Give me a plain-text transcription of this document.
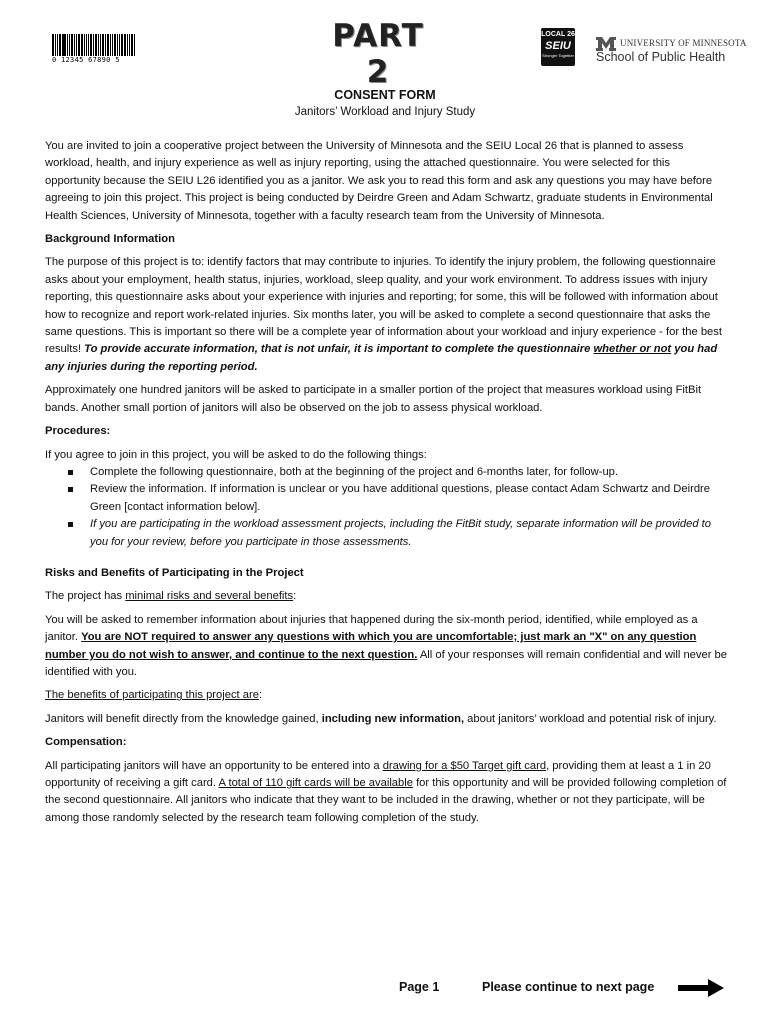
0 12345 67890 5
PART 2
LOCAL 26
SEIU
Stronger Together
UNIVERSITY OF MINNESOTA
School of Public Health
CONSENT FORM
Janitors’ Workload and Injury Study

You are invited to join a cooperative project between the University of Minnesota and the SEIU Local 26 that is planned to assess workload, health, and injury experience as well as injury reporting, using the attached questionnaire. You were selected for this opportunity because the SEIU L26 identified you as a janitor. We ask you to read this form and ask any questions you may have before agreeing to join this project. This project is being conducted by Deirdre Green and Adam Schwartz, graduate students in Environmental Health Sciences, University of Minnesota, together with a faculty research team from the University of Minnesota.

Background Information

The purpose of this project is to: identify factors that may contribute to injuries. To identify the injury problem, the following questionnaire asks about your employment, health status, injuries, workload, sleep quality, and your work environment. To address issues with injury reporting, this questionnaire asks about your experience with injuries and reporting; for some, this will be followed with information about how to recognize and report work-related injuries. Six months later, you will be asked to complete a second questionnaire that asks the same questions. This is important so there will be a complete year of information about your workload and injury experience - for the best results! To provide accurate information, that is not unfair, it is important to complete the questionnaire whether or not you had any injuries during the reporting period.

Approximately one hundred janitors will be asked to participate in a smaller portion of the project that measures workload using FitBit bands. Another small portion of janitors will also be observed on the job to assess physical workload.

Procedures:

If you agree to join in this project, you will be asked to do the following things:

Complete the following questionnaire, both at the beginning of the project and 6-months later, for follow-up.
Review the information. If information is unclear or you have additional questions, please contact Adam Schwartz and Deirdre Green [contact information below].
If you are participating in the workload assessment projects, including the FitBit study, separate information will be provided to you for your review, before you participate in those assessments.
Risks and Benefits of Participating in the Project

The project has minimal risks and several benefits:

You will be asked to remember information about injuries that happened during the six-month period, identified, while employed as a janitor. You are NOT required to answer any questions with which you are uncomfortable; just mark an "X" on any question number you do not wish to answer, and continue to the next question. All of your responses will remain confidential and will never be identified with you.

The benefits of participating this project are:

Janitors will benefit directly from the knowledge gained, including new information, about janitors’ workload and potential risk of injury.

Compensation:

All participating janitors will have an opportunity to be entered into a drawing for a $50 Target gift card, providing them at least a 1 in 20 opportunity of receiving a gift card. A total of 110 gift cards will be available for this opportunity and will be provided following completion of the second questionnaire. All janitors who indicate that they want to be included in the drawing, whether or not they participate, will be among those randomly selected by the research team following completion of the study.

Page 1	Please continue to next page
